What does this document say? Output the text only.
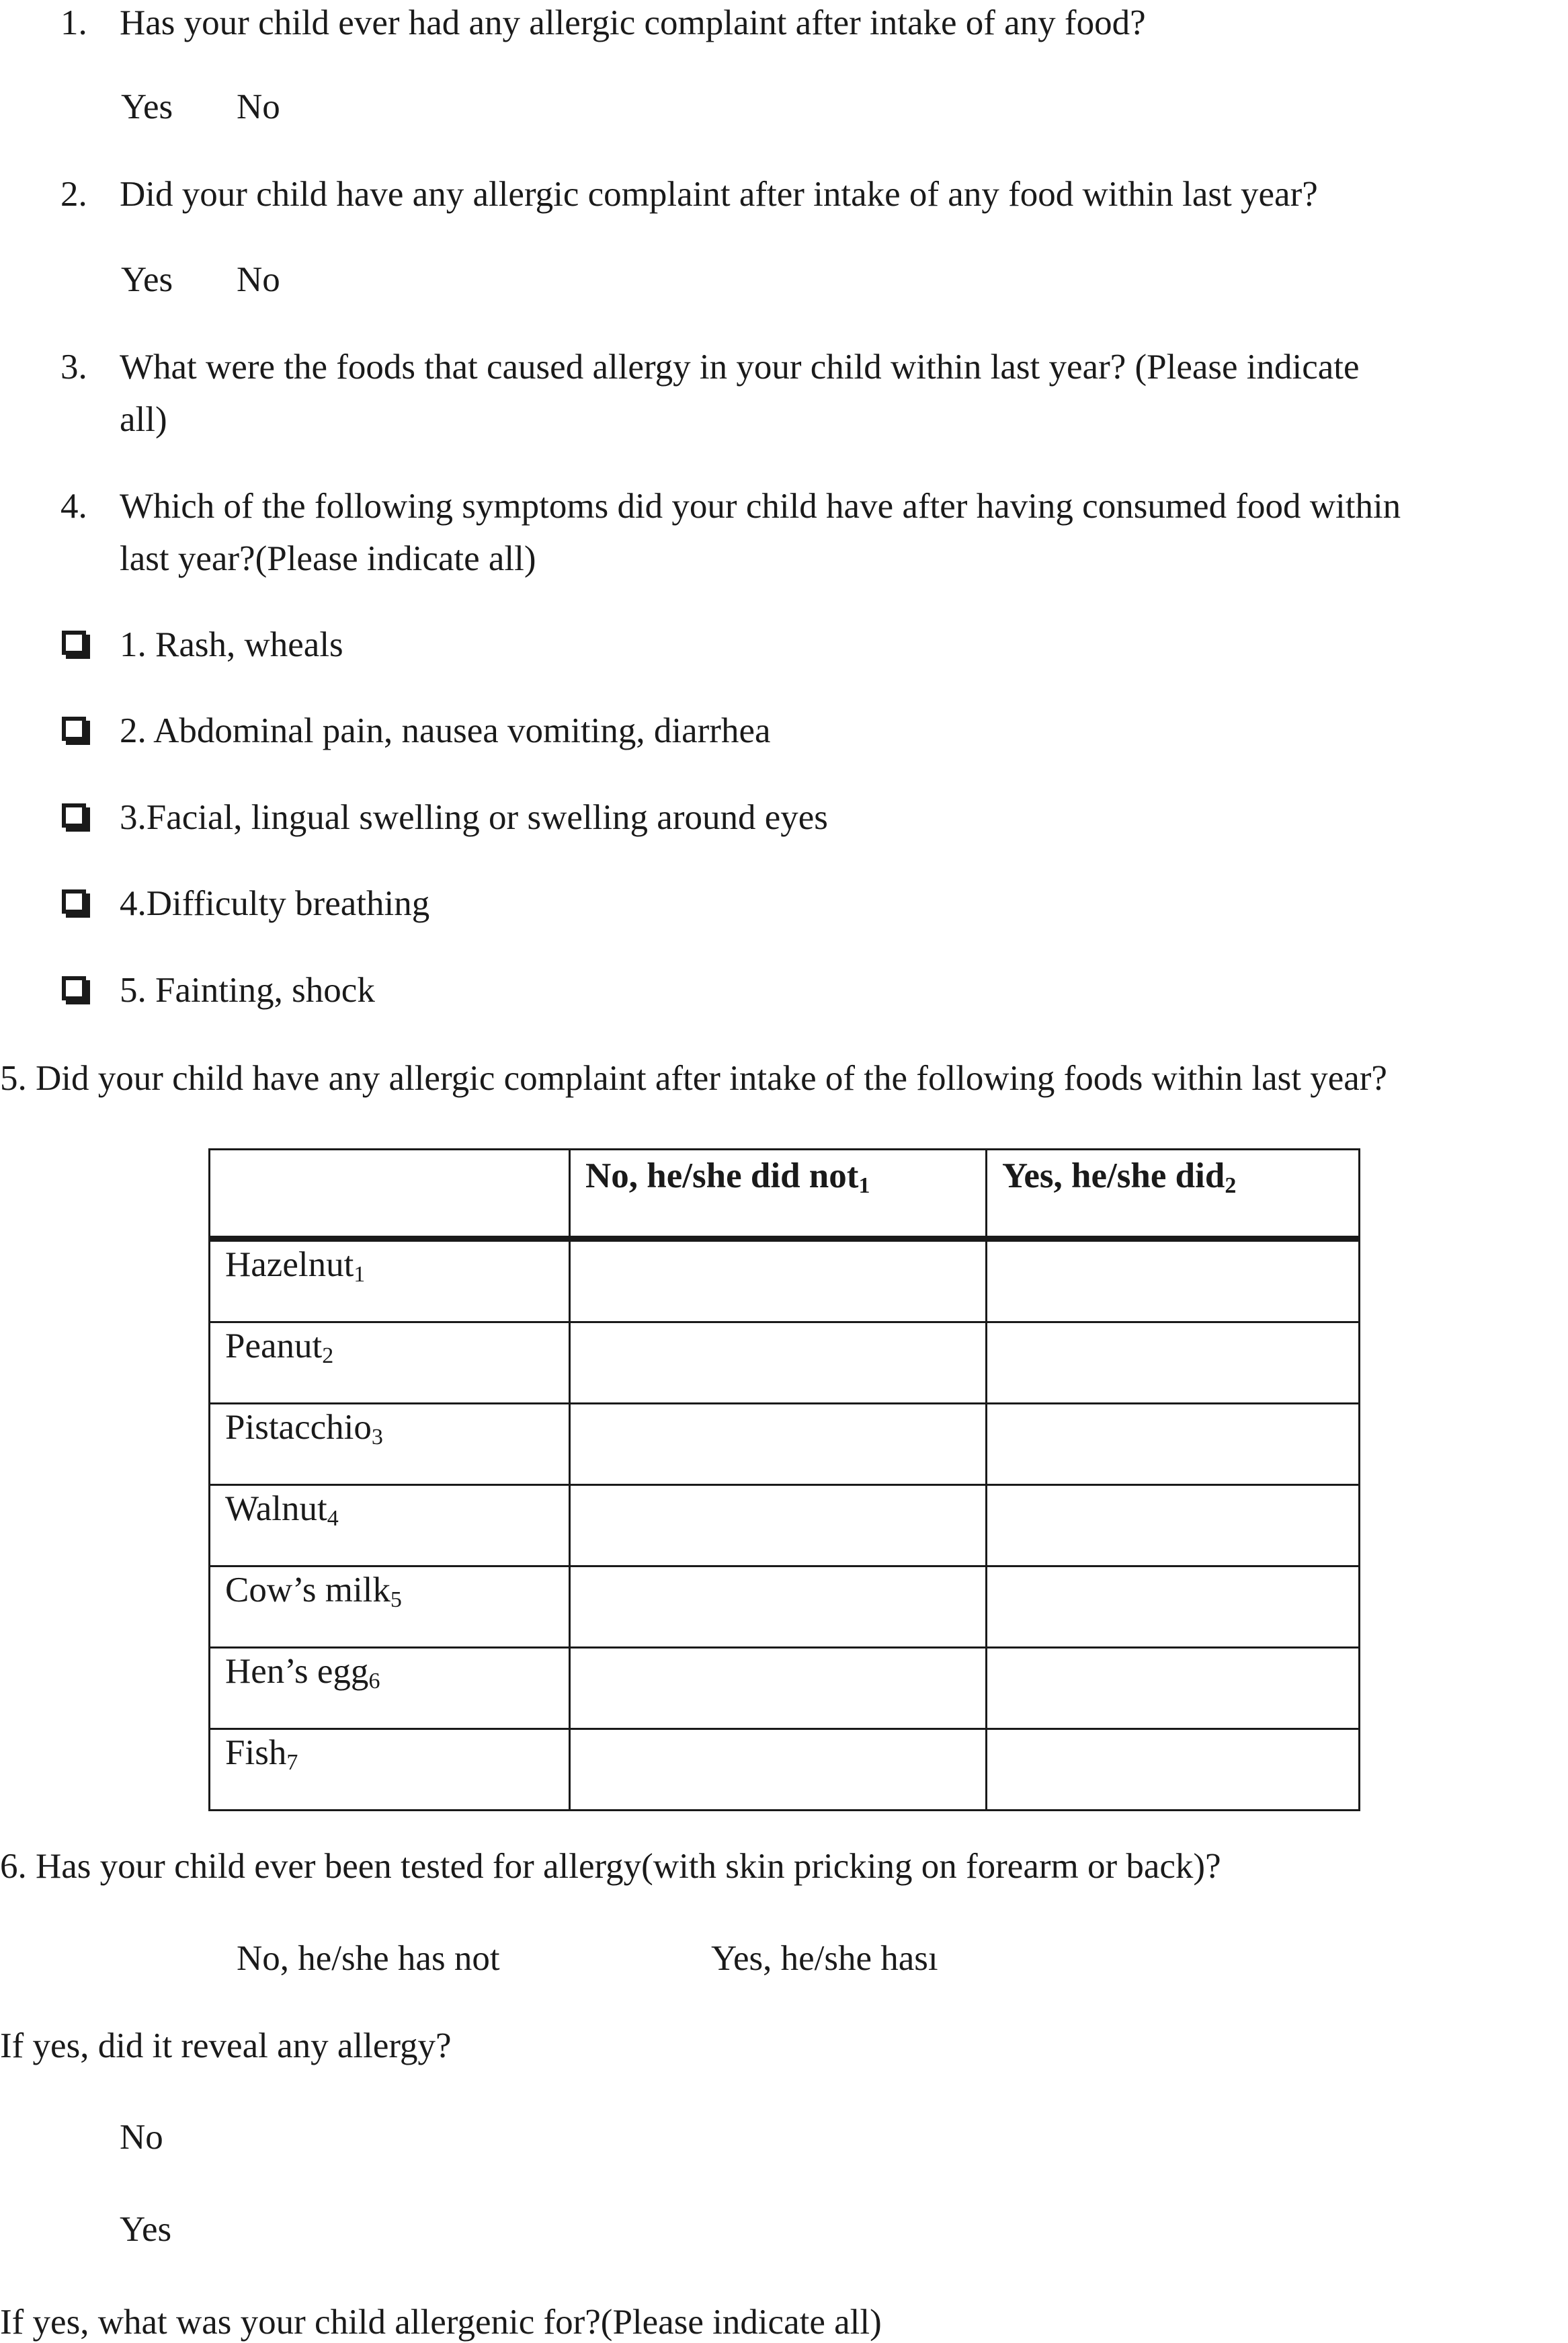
1. Has your child ever had any allergic complaint after intake of any food?
Yes No
2. Did your child have any allergic complaint after intake of any food within last year?
Yes No
3. What were the foods that caused allergy in your child within last year? (Please indicate
all)
4. Which of the following symptoms did your child have after having consumed food within
last year?(Please indicate all)
1. Rash, wheals
2. Abdominal pain, nausea vomiting, diarrhea
3.Facial, lingual swelling or swelling around eyes
4.Difficulty breathing
5. Fainting, shock
5. Did your child have any allergic complaint after intake of the following foods within last year?
	No, he/she did not$_1$	Yes, he/she did$_2$
Hazelnut$_1$		
Peanut$_2$		
Pistacchio$_3$		
Walnut$_4$		
Cow’s milk$_5$		
Hen’s egg$_6$		
Fish$_7$		
6. Has your child ever been tested for allergy(with skin pricking on forearm or back)?
No, he/she has not	Yes, he/she hası
If yes, did it reveal any allergy?
No
Yes
If yes, what was your child allergenic for?(Please indicate all)
